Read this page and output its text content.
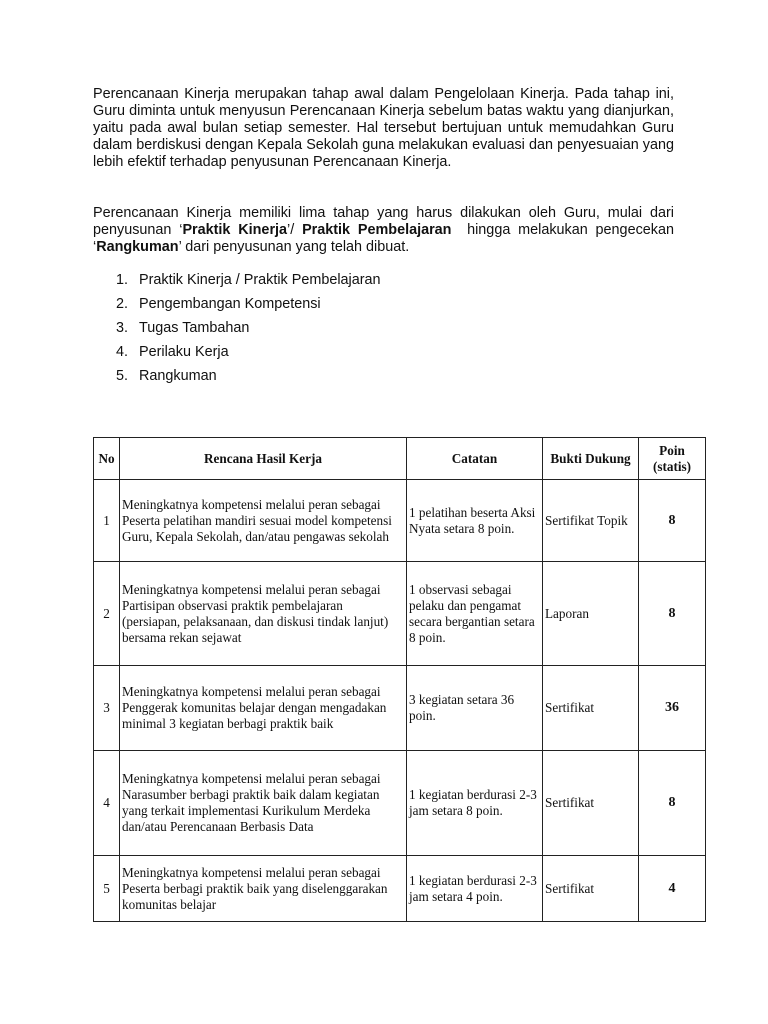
Perencanaan Kinerja merupakan tahap awal dalam Pengelolaan Kinerja. Pada tahap ini, Guru diminta untuk menyusun Perencanaan Kinerja sebelum batas waktu yang dianjurkan, yaitu pada awal bulan setiap semester. Hal tersebut bertujuan untuk memudahkan Guru dalam berdiskusi dengan Kepala Sekolah guna melakukan evaluasi dan penyesuaian yang lebih efektif terhadap penyusunan Perencanaan Kinerja.

Perencanaan Kinerja memiliki lima tahap yang harus dilakukan oleh Guru, mulai dari penyusunan ‘Praktik Kinerja’/ Praktik Pembelajaran  hingga melakukan pengecekan ‘Rangkuman’ dari penyusunan yang telah dibuat.

1. Praktik Kinerja / Praktik Pembelajaran
2. Pengembangan Kompetensi
3. Tugas Tambahan
4. Perilaku Kerja
5. Rangkuman
No	Rencana Hasil Kerja	Catatan	Bukti Dukung	Poin
(statis)
1	Meningkatnya kompetensi melalui peran sebagai Peserta pelatihan mandiri sesuai model kompetensi Guru, Kepala Sekolah, dan/atau pengawas sekolah	1 pelatihan beserta Aksi Nyata setara 8 poin.	Sertifikat Topik	8
2	Meningkatnya kompetensi melalui peran sebagai Partisipan observasi praktik pembelajaran (persiapan, pelaksanaan, dan diskusi tindak lanjut) bersama rekan sejawat	1 observasi sebagai pelaku dan pengamat secara bergantian setara 8 poin.	Laporan	8
3	Meningkatnya kompetensi melalui peran sebagai Penggerak komunitas belajar dengan mengadakan minimal 3 kegiatan berbagi praktik baik	3 kegiatan setara 36 poin.	Sertifikat	36
4	Meningkatnya kompetensi melalui peran sebagai Narasumber berbagi praktik baik dalam kegiatan yang terkait implementasi Kurikulum Merdeka dan/atau Perencanaan Berbasis Data	1 kegiatan berdurasi 2-3 jam setara 8 poin.	Sertifikat	8
5	Meningkatnya kompetensi melalui peran sebagai Peserta berbagi praktik baik yang diselenggarakan komunitas belajar	1 kegiatan berdurasi 2-3 jam setara 4 poin.	Sertifikat	4
